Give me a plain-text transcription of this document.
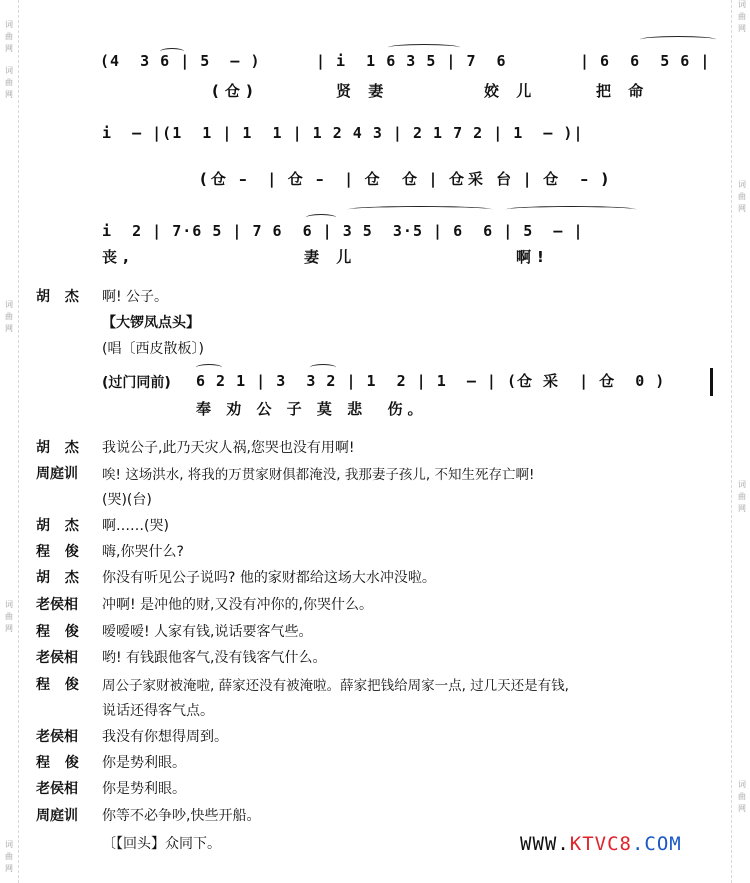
词
曲
网
词
曲
网
词
曲
网
词
曲
网
词
曲
网
词
曲
网
词
曲
网
词
曲
网
词
曲
网
(4  3 6 | 5  – )	| i  1 6 3 5 | 7  6	| 6  6  5 6 |
(仓)	贤 妻	姣 儿	把 命
i  – |(1  1 | 1  1 | 1 2 4 3 | 2 1 7 2 | 1  – )|
(仓 –  | 仓 –  | 仓  仓 | 仓采 台 | 仓  – )
i  2 | 7·6 5 | 7 6  6 | 3 5  3·5 | 6  6 | 5  – |
丧,	妻 儿	啊!
胡 杰	啊! 公子。
【大锣凤点头】
(唱〔西皮散板〕)
(过门同前) 6 2 1 | 3  3 2 | 1  2 | 1  – | (仓 采  | 仓  0 )
奉 劝 公 子 莫 悲  伤。
胡 杰	我说公子,此乃天灾人祸,您哭也没有用啊!
周庭训	唉! 这场洪水, 将我的万贯家财俱都淹没, 我那妻子孩儿, 不知生死存亡啊!
(哭)(台)
胡 杰	啊……(哭)
程 俊	嗨,你哭什么?
胡 杰	你没有听见公子说吗? 他的家财都给这场大水冲没啦。
老侯相	冲啊! 是冲他的财,又没有冲你的,你哭什么。
程 俊	嗳嗳嗳! 人家有钱,说话要客气些。
老侯相	哟! 有钱跟他客气,没有钱客气什么。
程 俊	周公子家财被淹啦, 薛家还没有被淹啦。薛家把钱给周家一点, 过几天还是有钱,
说话还得客气点。
老侯相	我没有你想得周到。
程 俊	你是势利眼。
老侯相	你是势利眼。
周庭训	你等不必争吵,快些开船。
〔【回头】众同下。	WWW.KTVC8.COM
